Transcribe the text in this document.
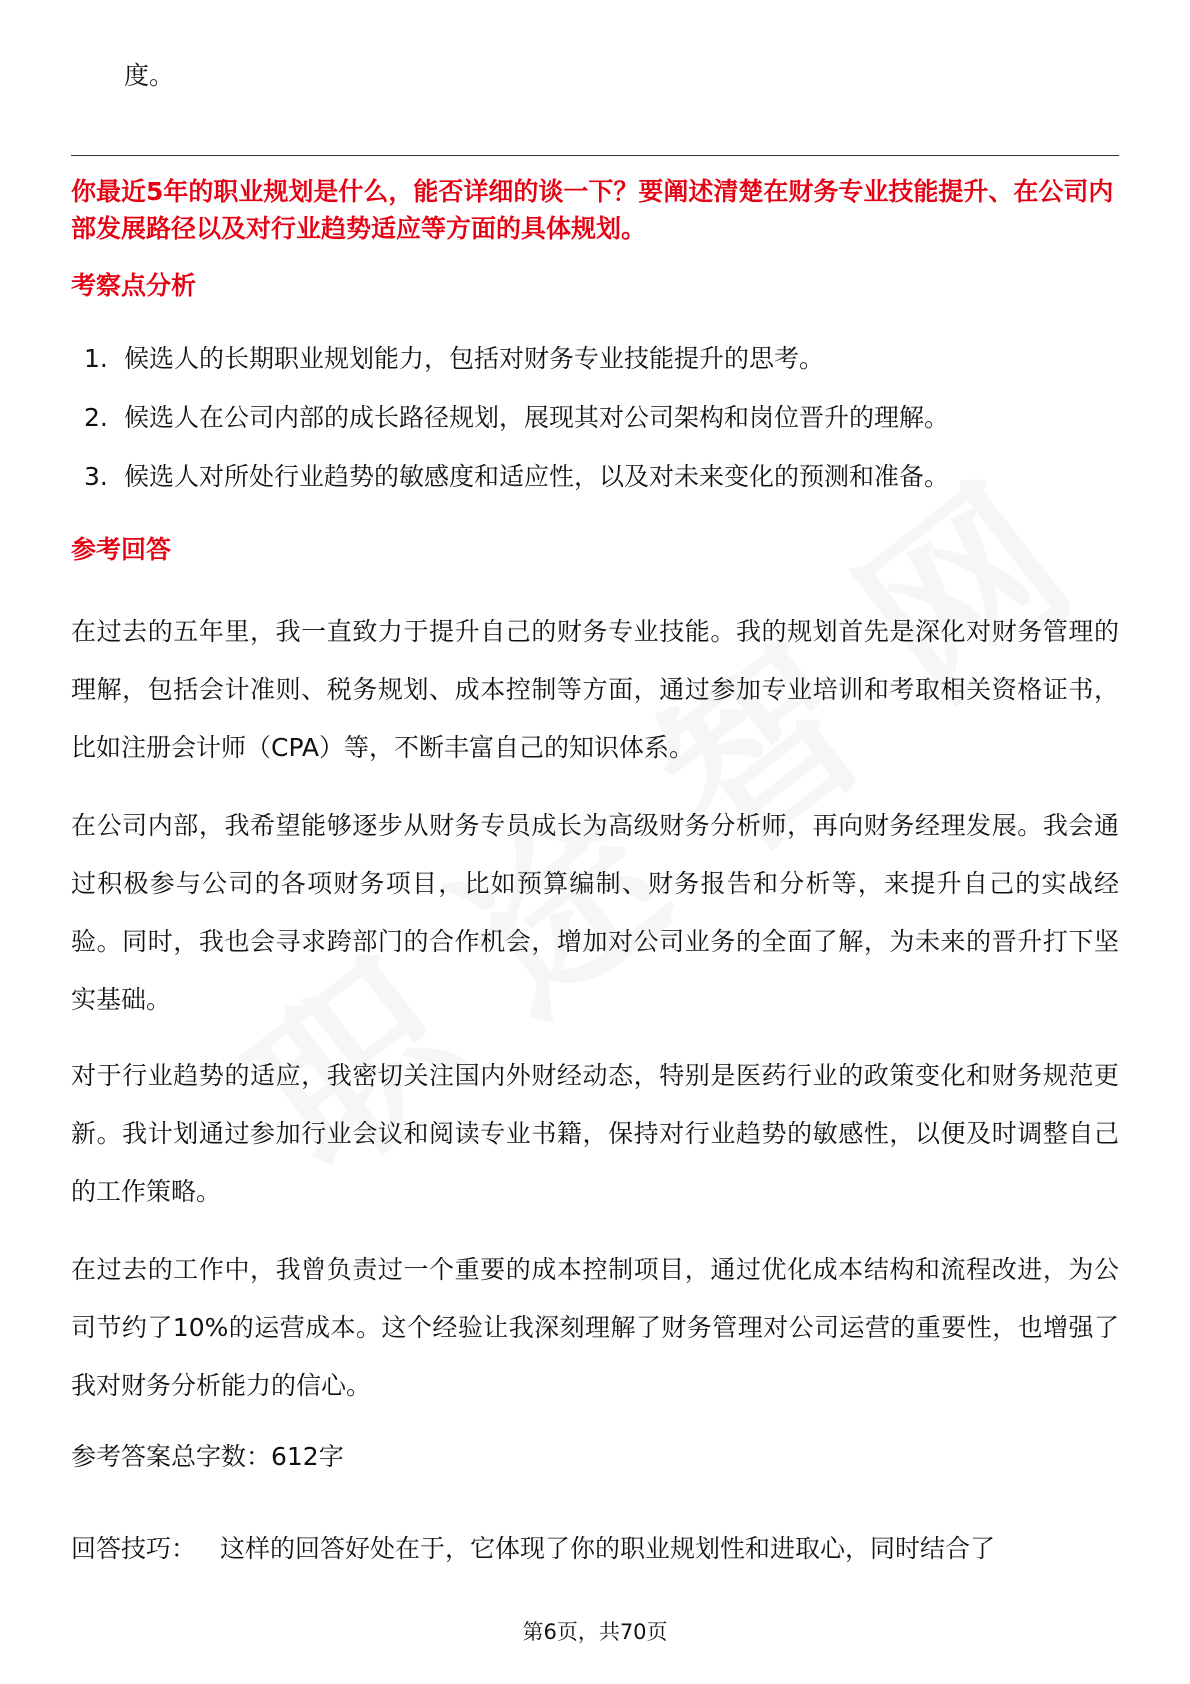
度。
你最近5年的职业规划是什么，能否详细的谈一下？要阐述清楚在财务专业技能提升、在公司内部发展路径以及对行业趋势适应等方面的具体规划。
考察点分析
1. 候选人的长期职业规划能力，包括对财务专业技能提升的思考。
2. 候选人在公司内部的成长路径规划，展现其对公司架构和岗位晋升的理解。
3. 候选人对所处行业趋势的敏感度和适应性，以及对未来变化的预测和准备。
参考回答

在过去的五年里，我一直致力于提升自己的财务专业技能。我的规划首先是深化对财务管理的理解，包括会计准则、税务规划、成本控制等方面，通过参加专业培训和考取相关资格证书，比如注册会计师（CPA）等，不断丰富自己的知识体系。

在公司内部，我希望能够逐步从财务专员成长为高级财务分析师，再向财务经理发展。我会通过积极参与公司的各项财务项目，比如预算编制、财务报告和分析等，来提升自己的实战经验。同时，我也会寻求跨部门的合作机会，增加对公司业务的全面了解，为未来的晋升打下坚实基础。

对于行业趋势的适应，我密切关注国内外财经动态，特别是医药行业的政策变化和财务规范更新。我计划通过参加行业会议和阅读专业书籍，保持对行业趋势的敏感性，以便及时调整自己的工作策略。

在过去的工作中，我曾负责过一个重要的成本控制项目，通过优化成本结构和流程改进，为公司节约了10%的运营成本。这个经验让我深刻理解了财务管理对公司运营的重要性，也增强了我对财务分析能力的信心。

参考答案总字数：612字

回答技巧： 这样的回答好处在于，它体现了你的职业规划性和进取心，同时结合了
第6页，共70页
